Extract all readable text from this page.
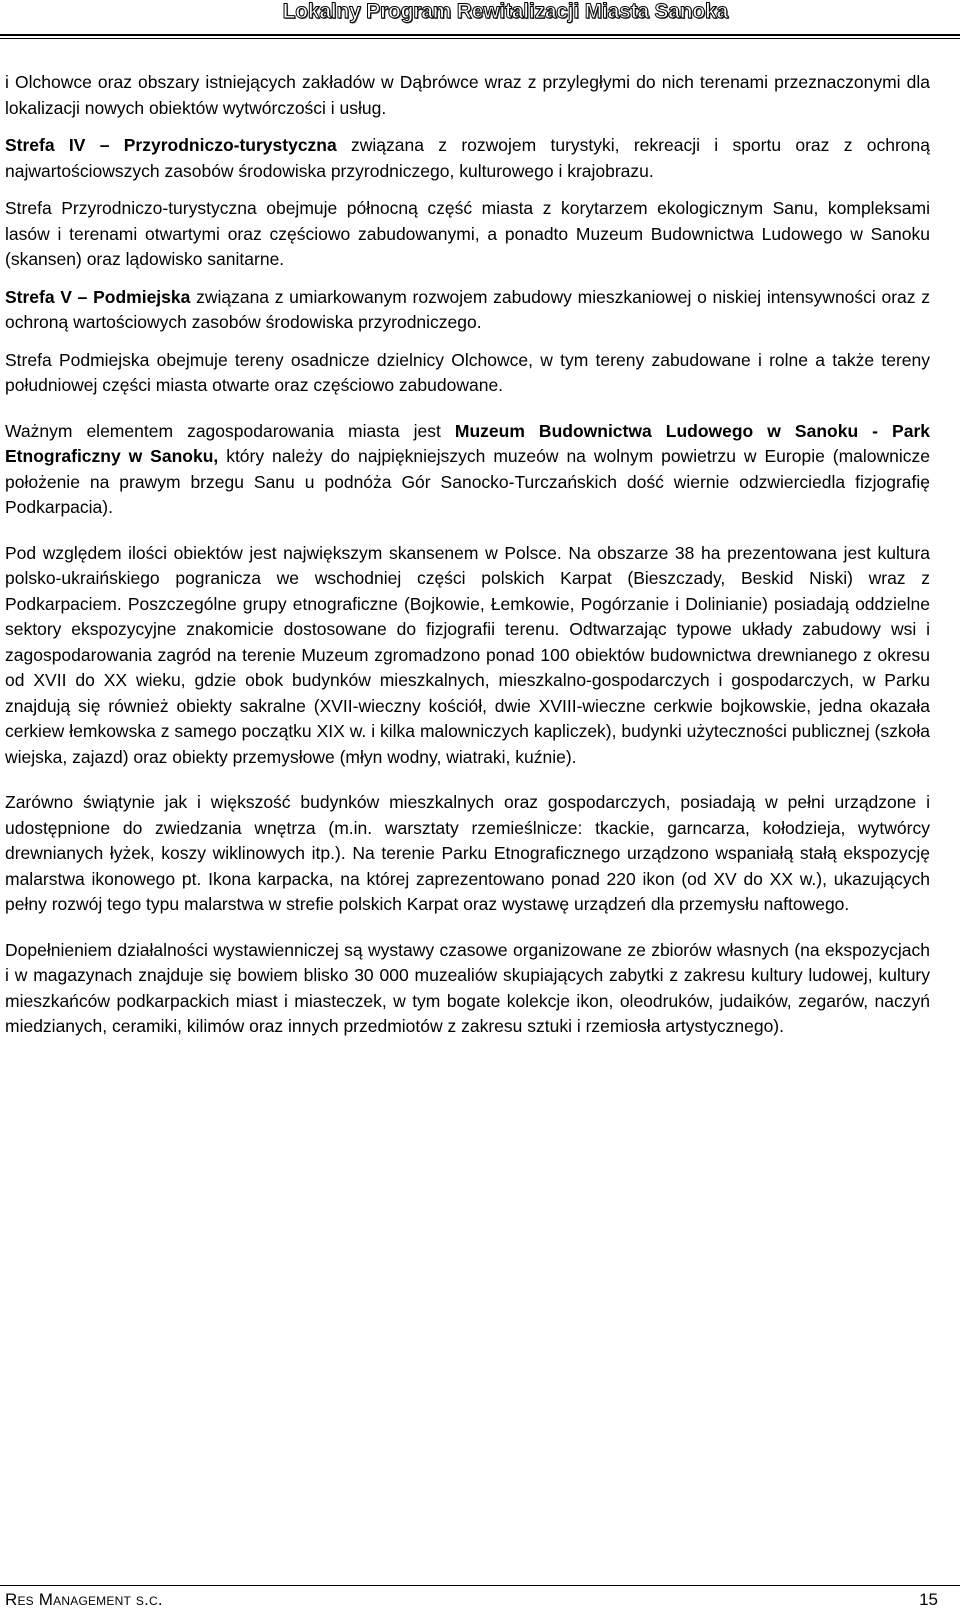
Lokalny Program Rewitalizacji Miasta Sanoka

i Olchowce oraz obszary istniejących zakładów w Dąbrówce wraz z przyległymi do nich terenami przeznaczonymi dla lokalizacji nowych obiektów wytwórczości i usług.

Strefa IV – Przyrodniczo-turystyczna związana z rozwojem turystyki, rekreacji i sportu oraz z ochroną najwartościowszych zasobów środowiska przyrodniczego, kulturowego i krajobrazu.

Strefa Przyrodniczo-turystyczna obejmuje północną część miasta z korytarzem ekologicznym Sanu, kompleksami lasów i terenami otwartymi oraz częściowo zabudowanymi, a ponadto Muzeum Budownictwa Ludowego w Sanoku (skansen) oraz lądowisko sanitarne.

Strefa V – Podmiejska związana z umiarkowanym rozwojem zabudowy mieszkaniowej o niskiej intensywności oraz z ochroną wartościowych zasobów środowiska przyrodniczego.

Strefa Podmiejska obejmuje tereny osadnicze dzielnicy Olchowce, w tym tereny zabudowane i rolne a także tereny południowej części miasta otwarte oraz częściowo zabudowane.

Ważnym elementem zagospodarowania miasta jest Muzeum Budownictwa Ludowego w Sanoku - Park Etnograficzny w Sanoku, który należy do najpiękniejszych muzeów na wolnym powietrzu w Europie (malownicze położenie na prawym brzegu Sanu u podnóża Gór Sanocko-Turczańskich dość wiernie odzwierciedla fizjografię Podkarpacia).

Pod względem ilości obiektów jest największym skansenem w Polsce. Na obszarze 38 ha prezentowana jest kultura polsko-ukraińskiego pogranicza we wschodniej części polskich Karpat (Bieszczady, Beskid Niski) wraz z Podkarpaciem. Poszczególne grupy etnograficzne (Bojkowie, Łemkowie, Pogórzanie i Dolinianie) posiadają oddzielne sektory ekspozycyjne znakomicie dostosowane do fizjografii terenu. Odtwarzając typowe układy zabudowy wsi i zagospodarowania zagród na terenie Muzeum zgromadzono ponad 100 obiektów budownictwa drewnianego z okresu od XVII do XX wieku, gdzie obok budynków mieszkalnych, mieszkalno-gospodarczych i gospodarczych, w Parku znajdują się również obiekty sakralne (XVII-wieczny kościół, dwie XVIII-wieczne cerkwie bojkowskie, jedna okazała cerkiew łemkowska z samego początku XIX w. i kilka malowniczych kapliczek), budynki użyteczności publicznej (szkoła wiejska, zajazd) oraz obiekty przemysłowe (młyn wodny, wiatraki, kuźnie).

Zarówno świątynie jak i większość budynków mieszkalnych oraz gospodarczych, posiadają w pełni urządzone i udostępnione do zwiedzania wnętrza (m.in. warsztaty rzemieślnicze: tkackie, garncarza, kołodzieja, wytwórcy drewnianych łyżek, koszy wiklinowych itp.). Na terenie Parku Etnograficznego urządzono wspaniałą stałą ekspozycję malarstwa ikonowego pt. Ikona karpacka, na której zaprezentowano ponad 220 ikon (od XV do XX w.), ukazujących pełny rozwój tego typu malarstwa w strefie polskich Karpat oraz wystawę urządzeń dla przemysłu naftowego.

Dopełnieniem działalności wystawienniczej są wystawy czasowe organizowane ze zbiorów własnych (na ekspozycjach i w magazynach znajduje się bowiem blisko 30 000 muzealiów skupiających zabytki z zakresu kultury ludowej, kultury mieszkańców podkarpackich miast i miasteczek, w tym bogate kolekcje ikon, oleodruków, judaików, zegarów, naczyń miedzianych, ceramiki, kilimów oraz innych przedmiotów z zakresu sztuki i rzemiosła artystycznego).

Res Management s.c.	15
